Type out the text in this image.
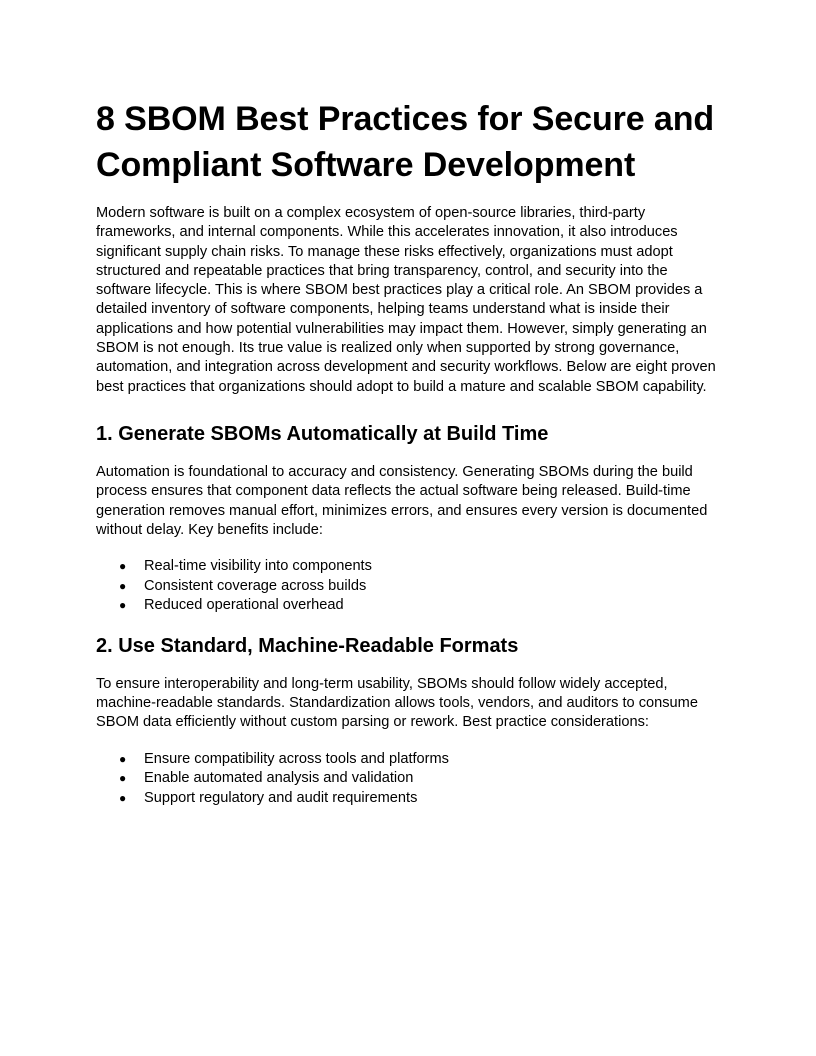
8 SBOM Best Practices for Secure and Compliant Software Development

Modern software is built on a complex ecosystem of open-source libraries, third-party frameworks, and internal components. While this accelerates innovation, it also introduces significant supply chain risks. To manage these risks effectively, organizations must adopt structured and repeatable practices that bring transparency, control, and security into the software lifecycle. This is where SBOM best practices play a critical role. An SBOM provides a detailed inventory of software components, helping teams understand what is inside their applications and how potential vulnerabilities may impact them. However, simply generating an SBOM is not enough. Its true value is realized only when supported by strong governance, automation, and integration across development and security workflows. Below are eight proven best practices that organizations should adopt to build a mature and scalable SBOM capability.

1. Generate SBOMs Automatically at Build Time

Automation is foundational to accuracy and consistency. Generating SBOMs during the build process ensures that component data reflects the actual software being released. Build-time generation removes manual effort, minimizes errors, and ensures every version is documented without delay. Key benefits include:

● Real-time visibility into components
● Consistent coverage across builds
● Reduced operational overhead
2. Use Standard, Machine-Readable Formats

To ensure interoperability and long-term usability, SBOMs should follow widely accepted, machine-readable standards. Standardization allows tools, vendors, and auditors to consume SBOM data efficiently without custom parsing or rework. Best practice considerations:

● Ensure compatibility across tools and platforms
● Enable automated analysis and validation
● Support regulatory and audit requirements
